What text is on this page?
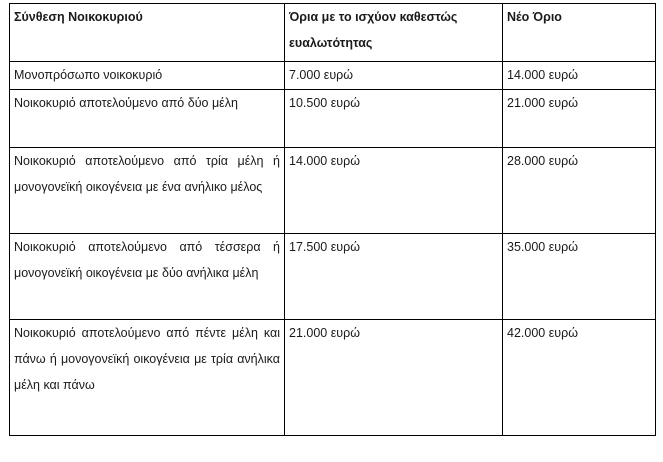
Σύνθεση Νοικοκυριού	Όρια με το ισχύον καθεστώς ευαλωτότητας	Νέο Όριο
Μονοπρόσωπο νοικοκυριό	7.000 ευρώ	14.000 ευρώ
Νοικοκυριό αποτελούμενο από δύο μέλη	10.500 ευρώ	21.000 ευρώ
Νοικοκυριό αποτελούμενο από τρία μέλη ή μονογονεϊκή οικογένεια με ένα ανήλικο μέλος	14.000 ευρώ	28.000 ευρώ
Νοικοκυριό αποτελούμενο από τέσσερα ή μονογονεϊκή οικογένεια με δύο ανήλικα μέλη	17.500 ευρώ	35.000 ευρώ
Νοικοκυριό αποτελούμενο από πέντε μέλη και πάνω ή μονογονεϊκή οικογένεια με τρία ανήλικα μέλη και πάνω	21.000 ευρώ	42.000 ευρώ
